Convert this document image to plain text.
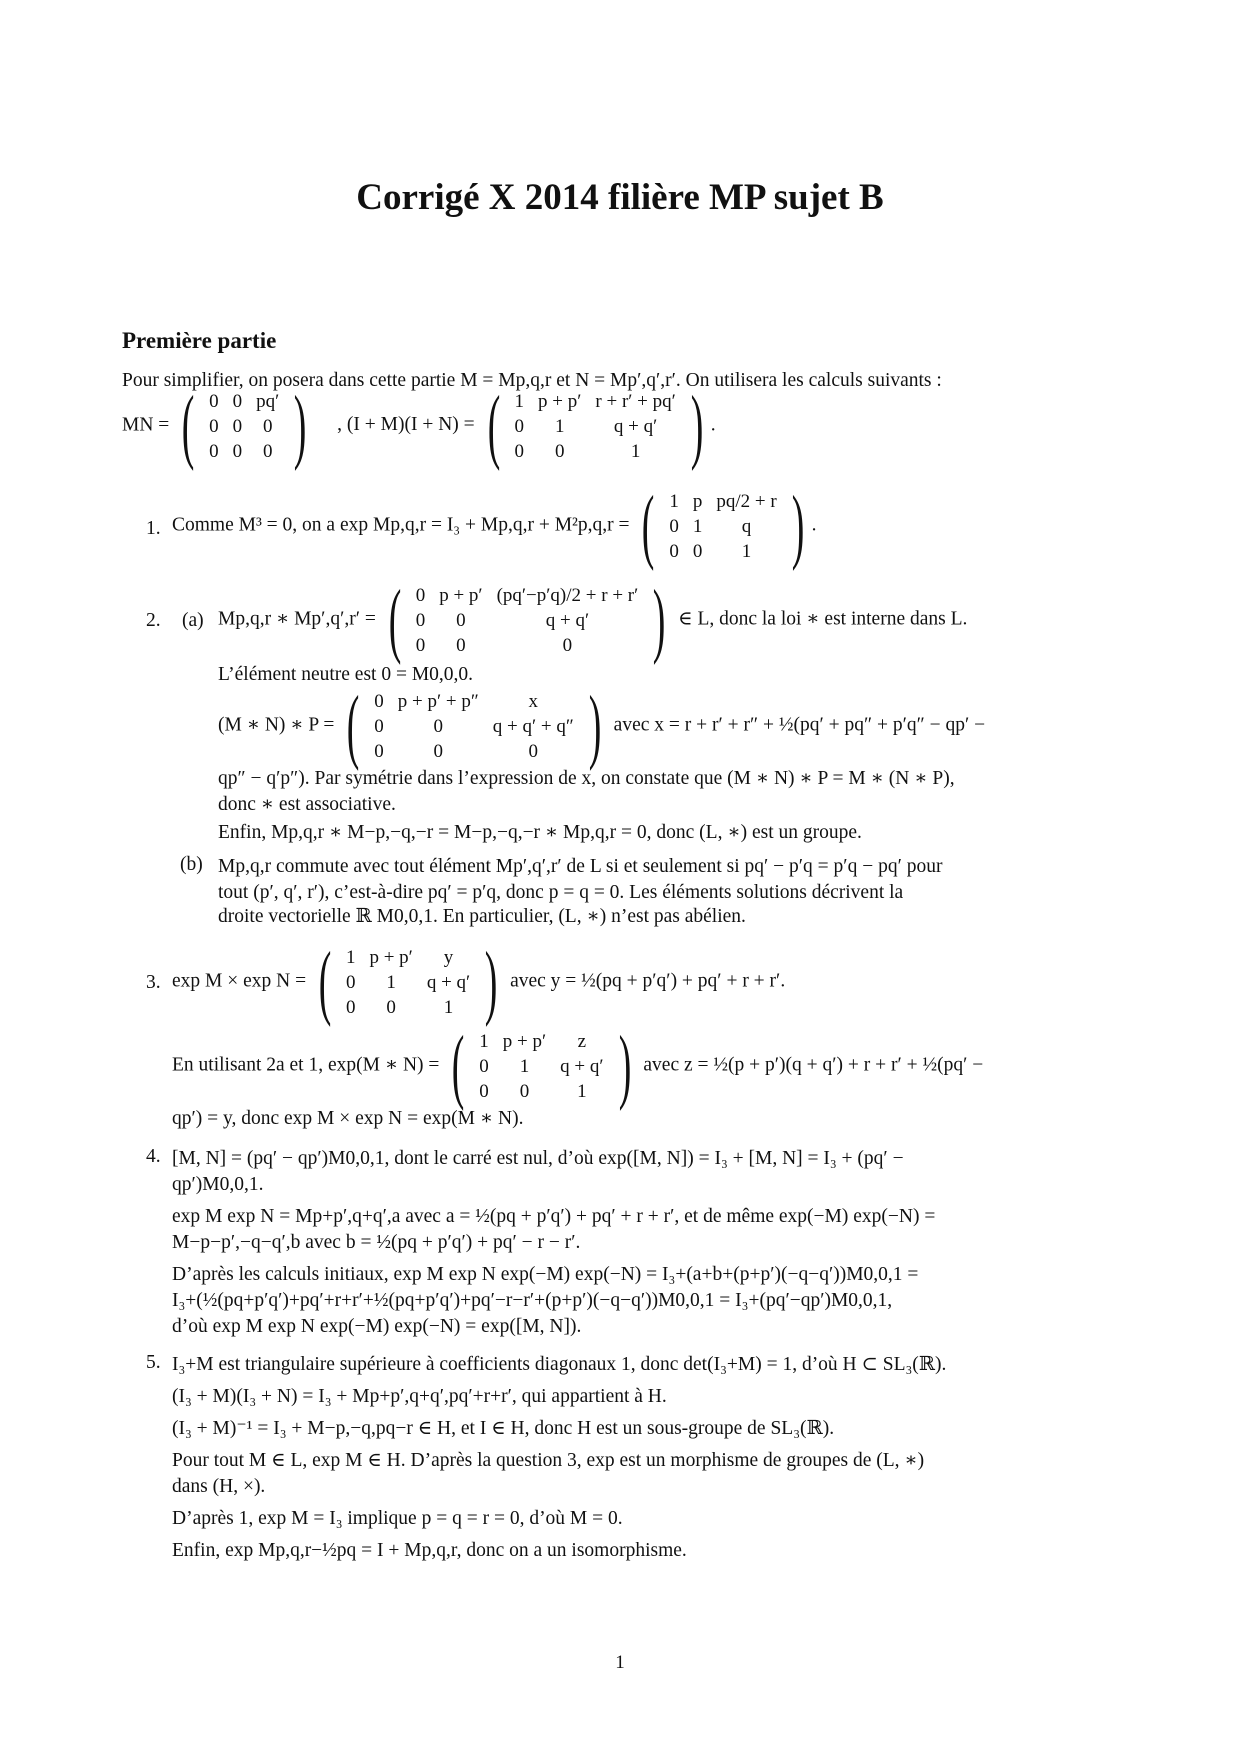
Corrigé X 2014 filière MP sujet B
Première partie
Pour simplifier, on posera dans cette partie M = Mp,q,r et N = Mp′,q′,r′. On utilisera les calculs suivants :
MN = ( 0	0	pq′
0	0	0
0	0	0 ) , (I + M)(I + N) = ( 1	p + p′	r + r′ + pq′
0	1	q + q′
0	0	1 ) .
1. Comme M³ = 0, on a exp Mp,q,r = I₃ + Mp,q,r + M²p,q,r = ( 1	p	pq/2 + r
0	1	q
0	0	1 ) .
2. (a) Mp,q,r ∗ Mp′,q′,r′ = ( 0	p + p′	(pq′−p′q)/2 + r + r′
0	0	q + q′
0	0	0 ) ∈ L, donc la loi ∗ est interne dans L.
L’élément neutre est 0 = M0,0,0.
(M ∗ N) ∗ P = ( 0	p + p′ + p″	x
0	0	q + q′ + q″
0	0	0 ) avec x = r + r′ + r″ + ½(pq′ + pq″ + p′q″ − qp′ −
qp″ − q′p″). Par symétrie dans l’expression de x, on constate que (M ∗ N) ∗ P = M ∗ (N ∗ P),
donc ∗ est associative.
Enfin, Mp,q,r ∗ M−p,−q,−r = M−p,−q,−r ∗ Mp,q,r = 0, donc (L, ∗) est un groupe.
(b) Mp,q,r commute avec tout élément Mp′,q′,r′ de L si et seulement si pq′ − p′q = p′q − pq′ pour
tout (p′, q′, r′), c’est-à-dire pq′ = p′q, donc p = q = 0. Les éléments solutions décrivent la
droite vectorielle ℝ M0,0,1. En particulier, (L, ∗) n’est pas abélien.
3. exp M × exp N = ( 1	p + p′	y
0	1	q + q′
0	0	1 ) avec y = ½(pq + p′q′) + pq′ + r + r′.
En utilisant 2a et 1, exp(M ∗ N) = ( 1	p + p′	z
0	1	q + q′
0	0	1 ) avec z = ½(p + p′)(q + q′) + r + r′ + ½(pq′ −
qp′) = y, donc exp M × exp N = exp(M ∗ N).
4. [M, N] = (pq′ − qp′)M0,0,1, dont le carré est nul, d’où exp([M, N]) = I₃ + [M, N] = I₃ + (pq′ −
qp′)M0,0,1.
exp M exp N = Mp+p′,q+q′,a avec a = ½(pq + p′q′) + pq′ + r + r′, et de même exp(−M) exp(−N) =
M−p−p′,−q−q′,b avec b = ½(pq + p′q′) + pq′ − r − r′.
D’après les calculs initiaux, exp M exp N exp(−M) exp(−N) = I₃+(a+b+(p+p′)(−q−q′))M0,0,1 =
I₃+(½(pq+p′q′)+pq′+r+r′+½(pq+p′q′)+pq′−r−r′+(p+p′)(−q−q′))M0,0,1 = I₃+(pq′−qp′)M0,0,1,
d’où exp M exp N exp(−M) exp(−N) = exp([M, N]).
5. I₃+M est triangulaire supérieure à coefficients diagonaux 1, donc det(I₃+M) = 1, d’où H ⊂ SL₃(ℝ).
(I₃ + M)(I₃ + N) = I₃ + Mp+p′,q+q′,pq′+r+r′, qui appartient à H.
(I₃ + M)⁻¹ = I₃ + M−p,−q,pq−r ∈ H, et I ∈ H, donc H est un sous-groupe de SL₃(ℝ).
Pour tout M ∈ L, exp M ∈ H. D’après la question 3, exp est un morphisme de groupes de (L, ∗)
dans (H, ×).
D’après 1, exp M = I₃ implique p = q = r = 0, d’où M = 0.
Enfin, exp Mp,q,r−½pq = I + Mp,q,r, donc on a un isomorphisme.
1
